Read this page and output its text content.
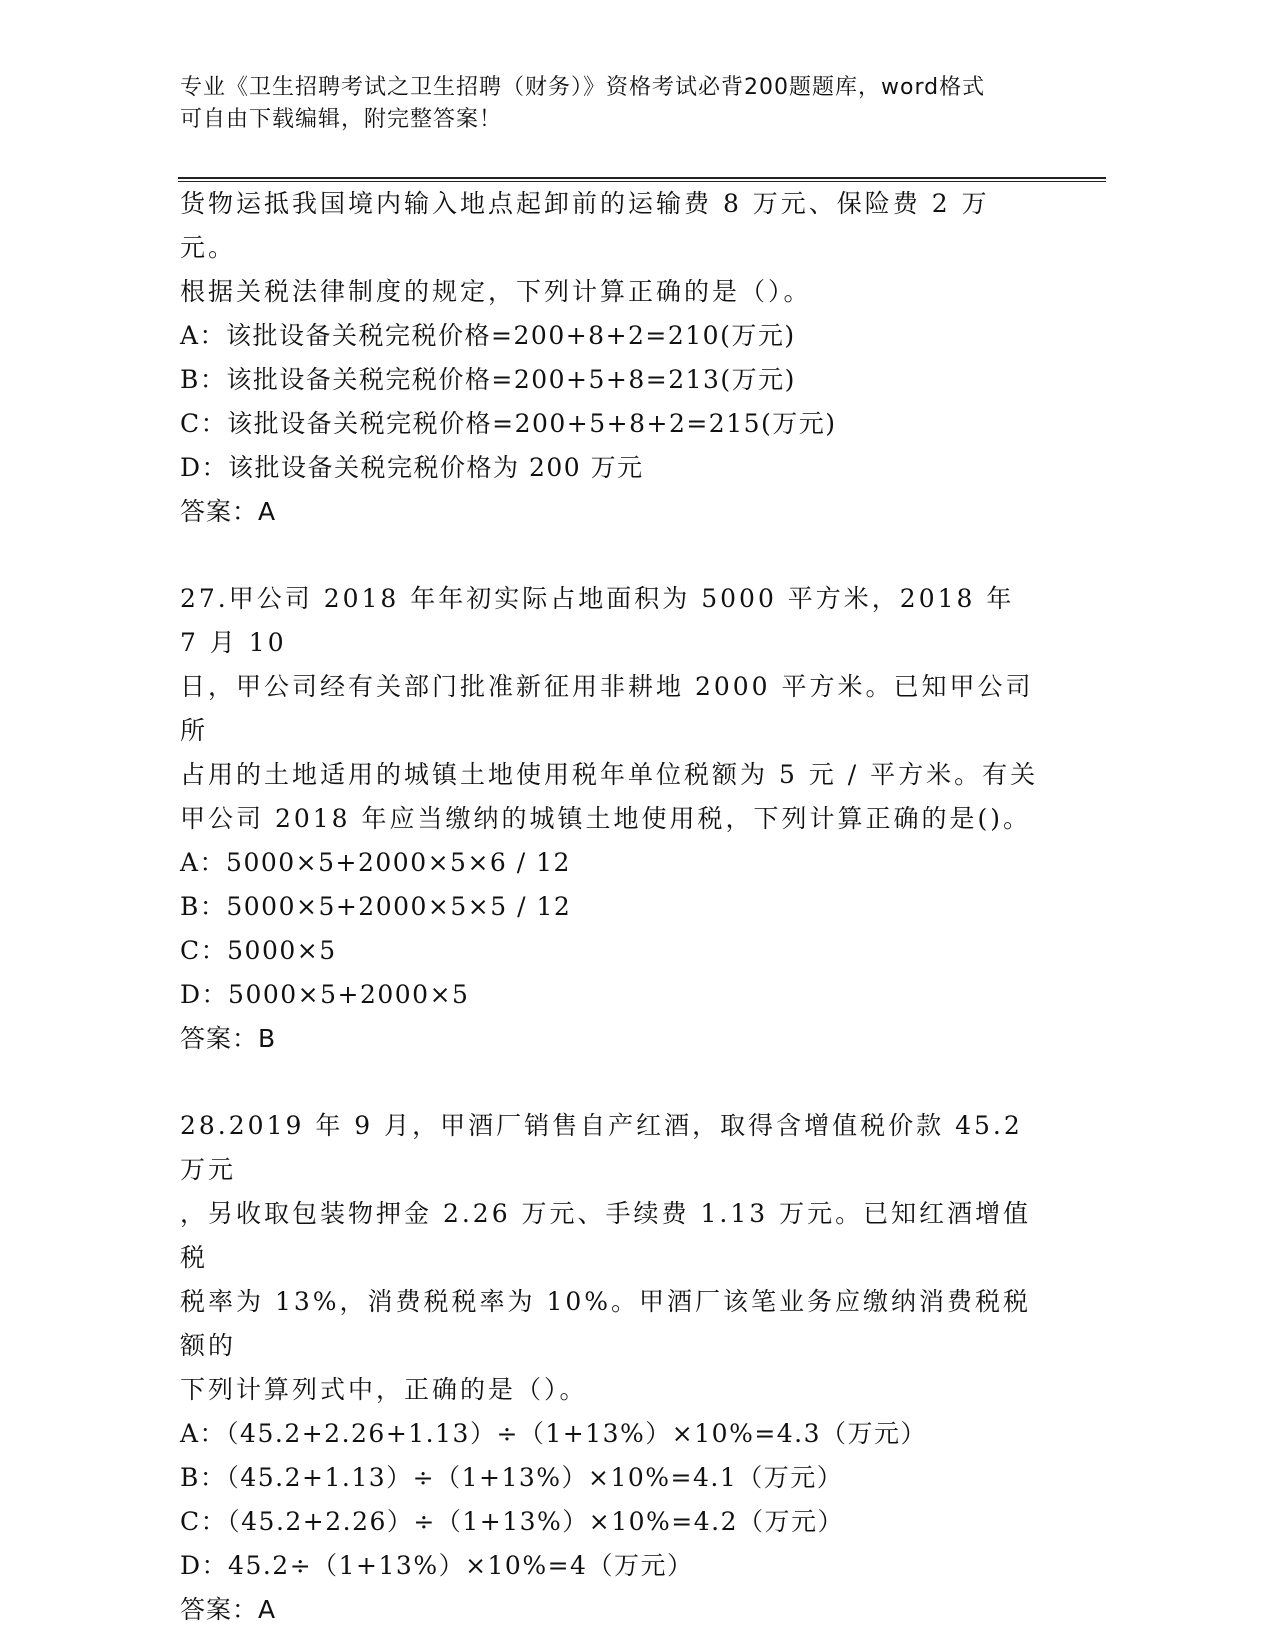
专业《卫生招聘考试之卫生招聘（财务）》资格考试必背200题题库，word格式
可自由下载编辑，附完整答案！
货物运抵我国境内输入地点起卸前的运输费 8 万元、保险费 2 万元。
根据关税法律制度的规定，下列计算正确的是（）。
A：该批设备关税完税价格=200+8+2=210(万元)
B：该批设备关税完税价格=200+5+8=213(万元)
C：该批设备关税完税价格=200+5+8+2=215(万元)
D：该批设备关税完税价格为 200 万元
答案：A
27.甲公司 2018 年年初实际占地面积为 5000 平方米，2018 年 7 月 10
日，甲公司经有关部门批准新征用非耕地 2000 平方米。已知甲公司所
占用的土地适用的城镇土地使用税年单位税额为 5 元 / 平方米。有关
甲公司 2018 年应当缴纳的城镇土地使用税，下列计算正确的是()。
A：5000×5+2000×5×6 / 12
B：5000×5+2000×5×5 / 12
C：5000×5
D：5000×5+2000×5
答案：B
28.2019 年 9 月，甲酒厂销售自产红酒，取得含增值税价款 45.2 万元
，另收取包装物押金 2.26 万元、手续费 1.13 万元。已知红酒增值税
税率为 13%，消费税税率为 10%。甲酒厂该笔业务应缴纳消费税税额的
下列计算列式中，正确的是（）。
A：（45.2+2.26+1.13）÷（1+13%）×10%=4.3（万元）
B：（45.2+1.13）÷（1+13%）×10%=4.1（万元）
C：（45.2+2.26）÷（1+13%）×10%=4.2（万元）
D：45.2÷（1+13%）×10%=4（万元）
答案：A
